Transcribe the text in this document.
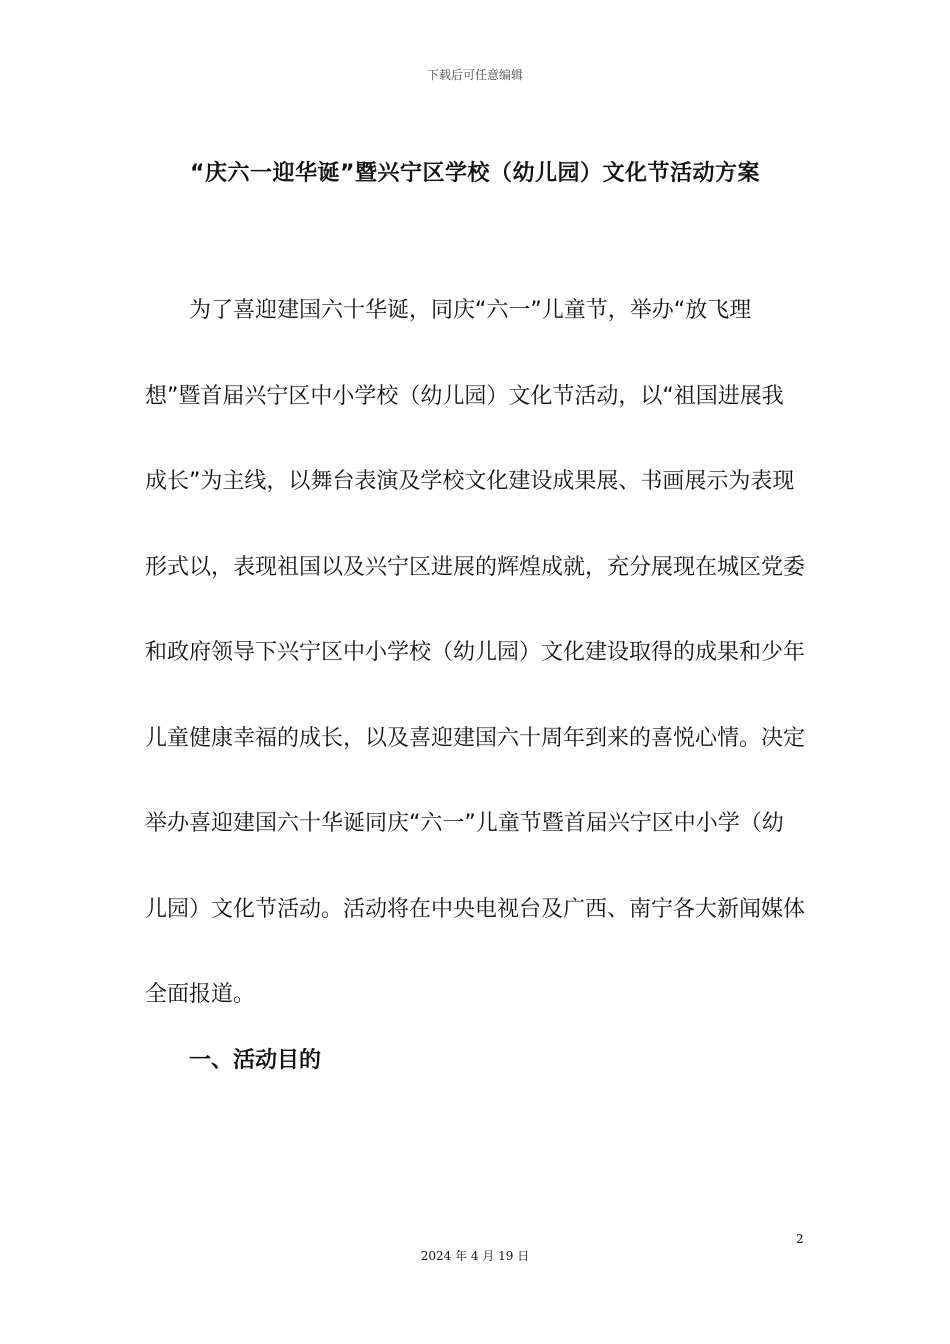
下载后可任意编辑
“庆六一迎华诞”暨兴宁区学校（幼儿园）文化节活动方案

为了喜迎建国六十华诞，同庆“六一”儿童节，举办“放飞理想”暨首届兴宁区中小学校（幼儿园）文化节活动，以“祖国进展我成长”为主线，以舞台表演及学校文化建设成果展、书画展示为表现形式以，表现祖国以及兴宁区进展的辉煌成就，充分展现在城区党委和政府领导下兴宁区中小学校（幼儿园）文化建设取得的成果和少年儿童健康幸福的成长，以及喜迎建国六十周年到来的喜悦心情。决定举办喜迎建国六十华诞同庆“六一”儿童节暨首届兴宁区中小学（幼儿园）文化节活动。活动将在中央电视台及广西、南宁各大新闻媒体全面报道。

一、活动目的
2
2024 年 4 月 19 日
